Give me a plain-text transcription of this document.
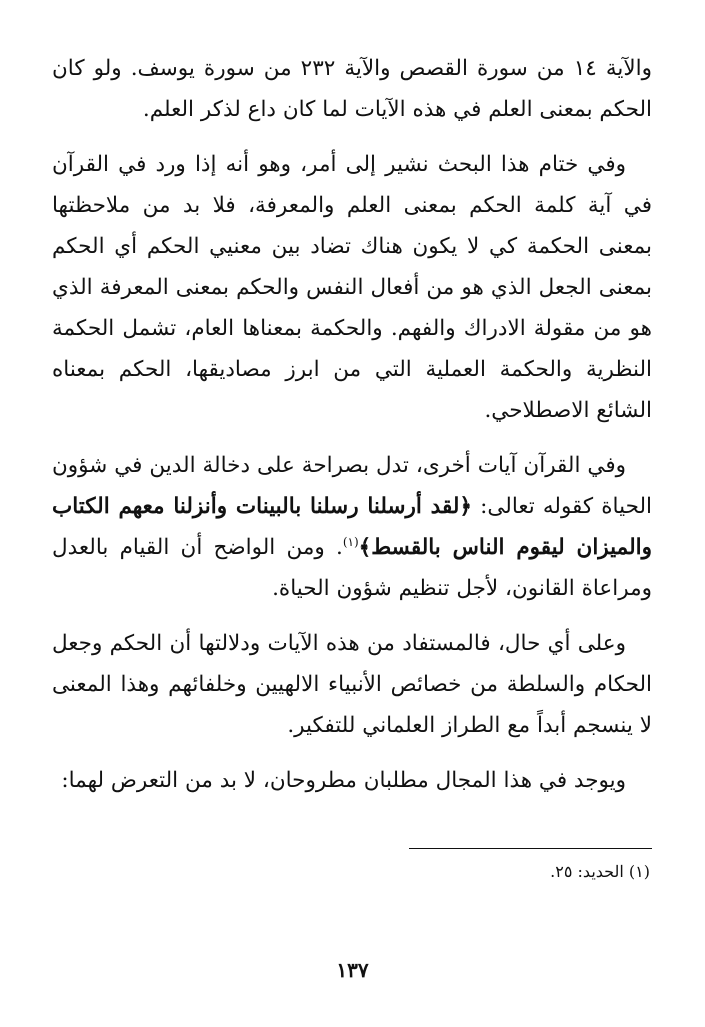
والآية ١٤ من سورة القصص والآية ٢٣٢ من سورة يوسف. ولو كان الحكم بمعنى العلم في هذه الآيات لما كان داع لذكر العلم.

وفي ختام هذا البحث نشير إلى أمر، وهو أنه إذا ورد في القرآن في آية كلمة الحكم بمعنى العلم والمعرفة، فلا بد من ملاحظتها بمعنى الحكمة كي لا يكون هناك تضاد بين معنيي الحكم أي الحكم بمعنى الجعل الذي هو من أفعال النفس والحكم بمعنى المعرفة الذي هو من مقولة الادراك والفهم. والحكمة بمعناها العام، تشمل الحكمة النظرية والحكمة العملية التي من ابرز مصاديقها، الحكم بمعناه الشائع الاصطلاحي.

وفي القرآن آيات أخرى، تدل بصراحة على دخالة الدين في شؤون الحياة كقوله تعالى: ﴿لقد أرسلنا رسلنا بالبينات وأنزلنا معهم الكتاب والميزان ليقوم الناس بالقسط﴾$^{(١)}$. ومن الواضح أن القيام بالعدل ومراعاة القانون، لأجل تنظيم شؤون الحياة.

وعلى أي حال، فالمستفاد من هذه الآيات ودلالتها أن الحكم وجعل الحكام والسلطة من خصائص الأنبياء الالهيين وخلفائهم وهذا المعنى لا ينسجم أبداً مع الطراز العلماني للتفكير.

ويوجد في هذا المجال مطلبان مطروحان، لا بد من التعرض لهما:

(١) الحديد: ٢٥.
١٣٧
